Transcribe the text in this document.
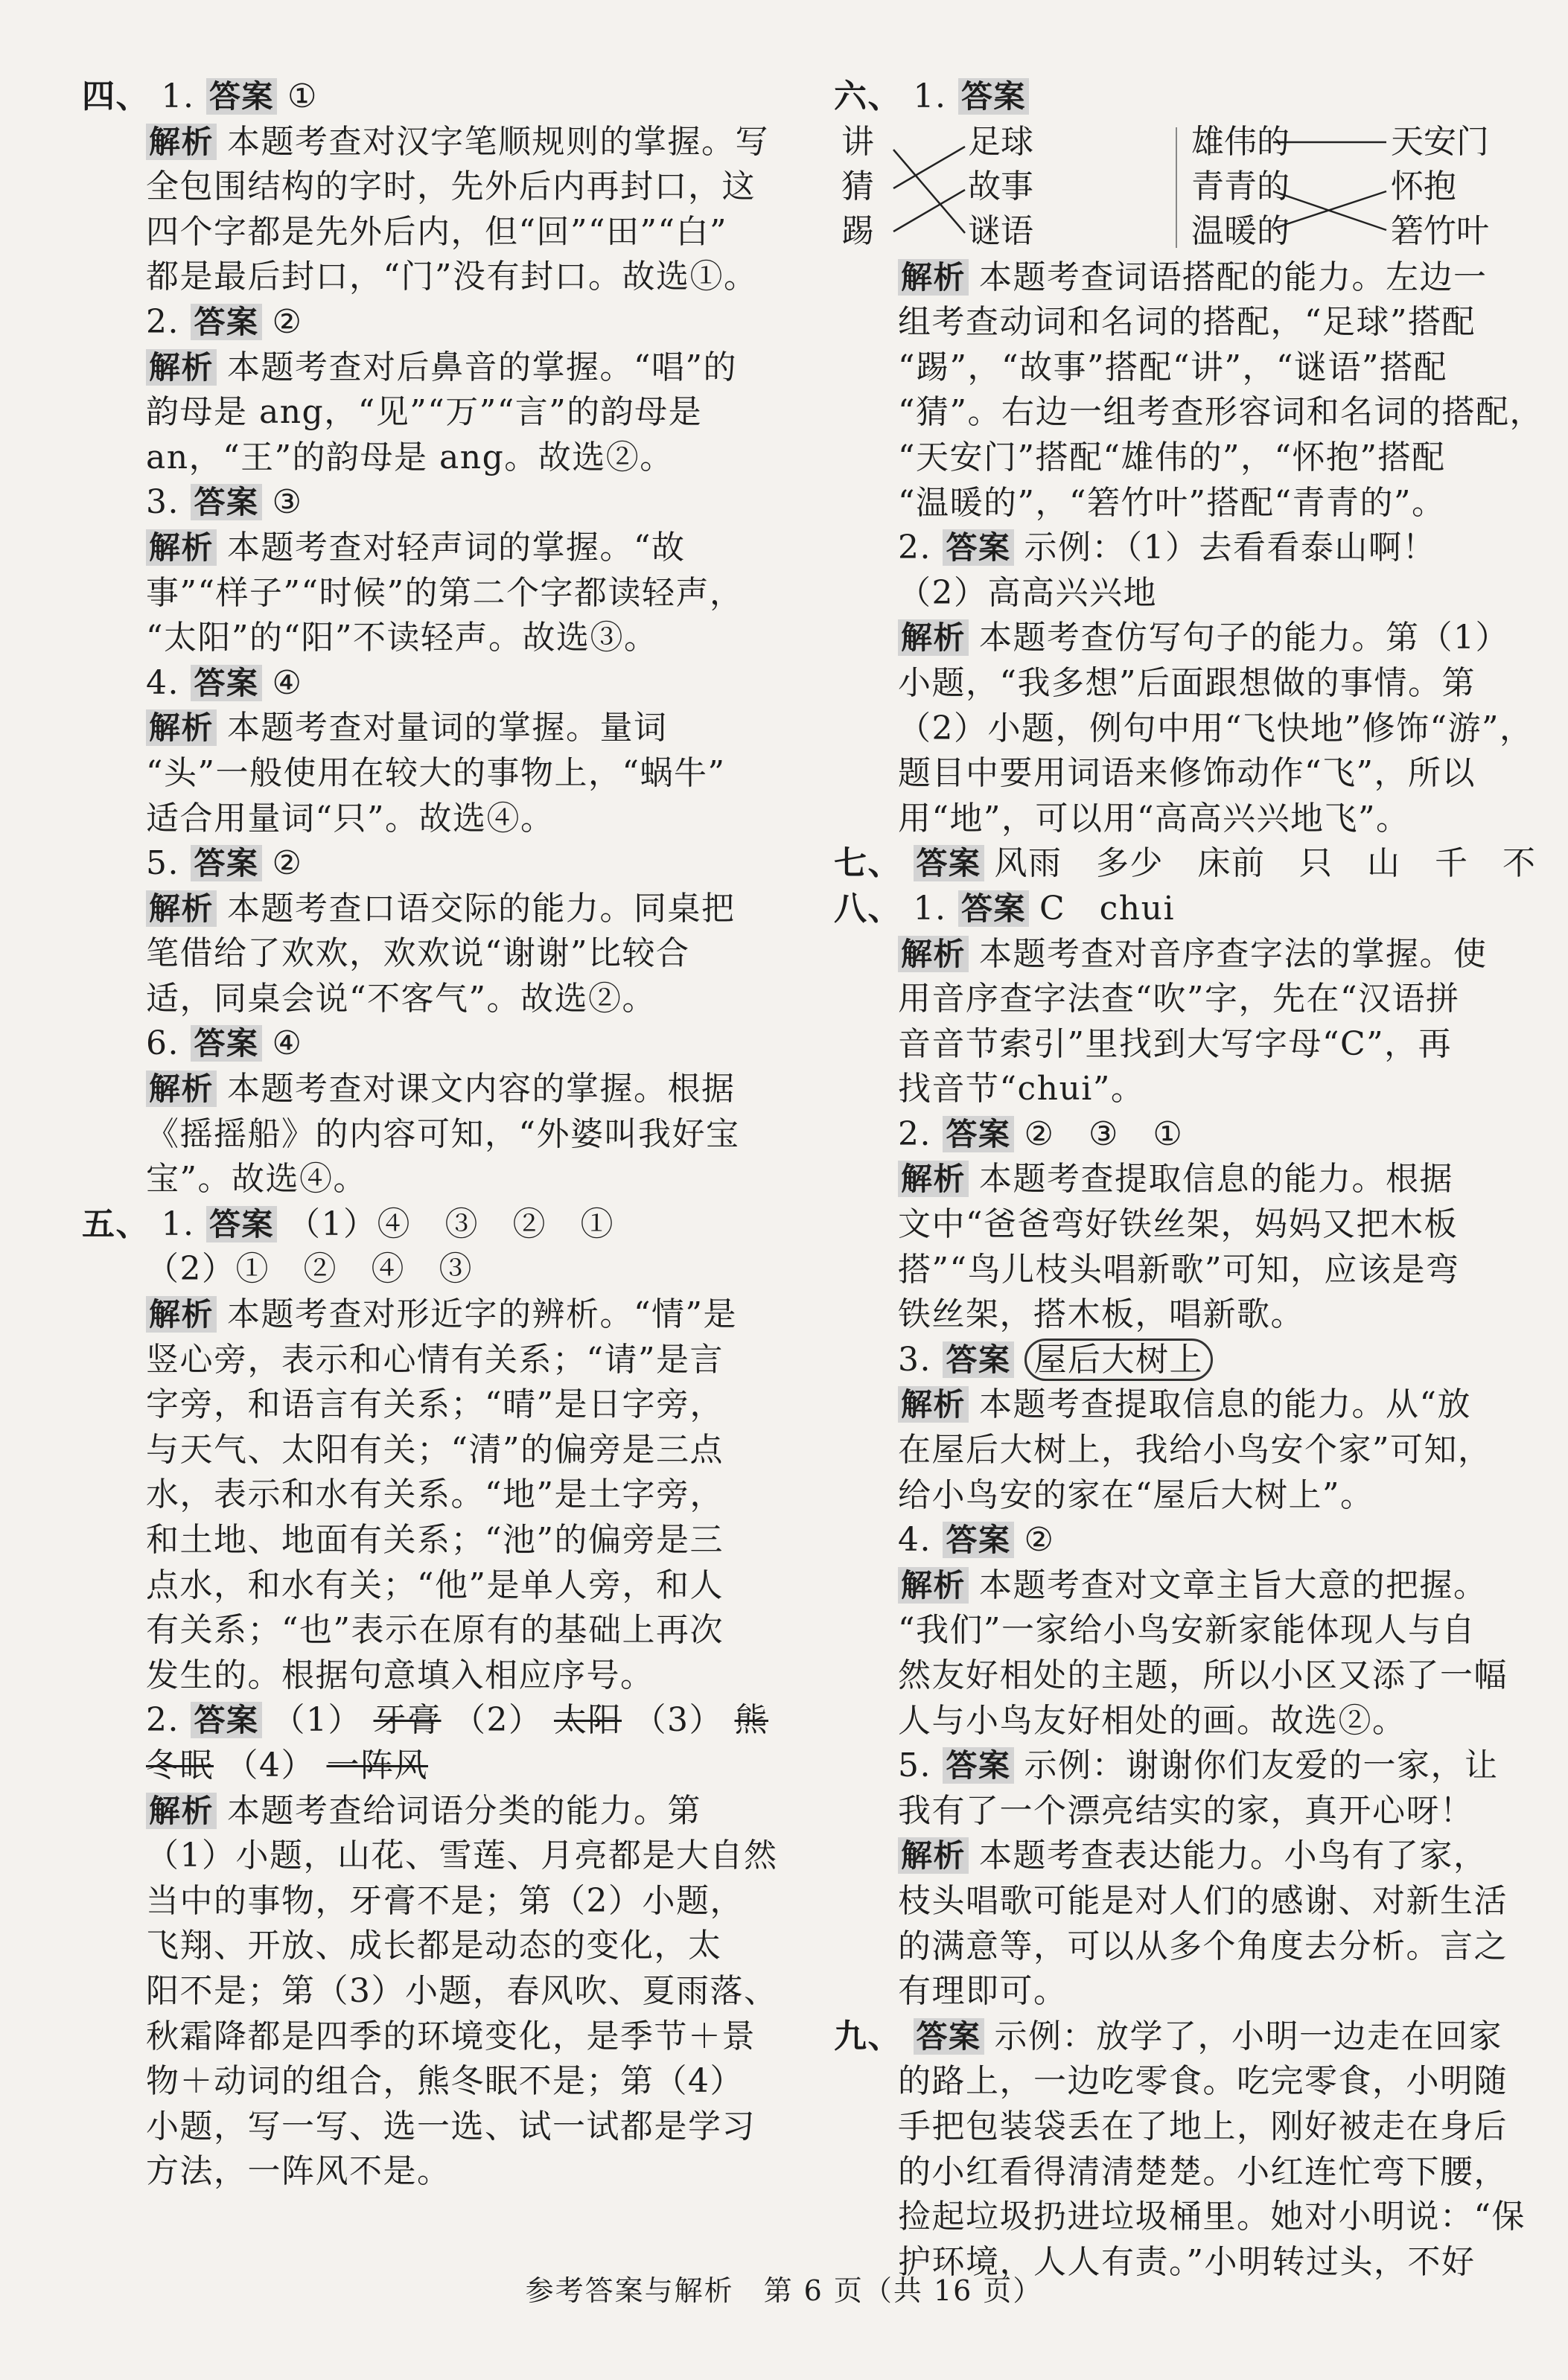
四、 1. 答案 ①
解析 本题考查对汉字笔顺规则的掌握。写
全包围结构的字时，先外后内再封口，这
四个字都是先外后内，但“回”“田”“白”
都是最后封口，“门”没有封口。故选①。
2. 答案 ②
解析 本题考查对后鼻音的掌握。“唱”的
韵母是 ang，“见”“万”“言”的韵母是
an，“王”的韵母是 ang。故选②。
3. 答案 ③
解析 本题考查对轻声词的掌握。“故
事”“样子”“时候”的第二个字都读轻声，
“太阳”的“阳”不读轻声。故选③。
4. 答案 ④
解析 本题考查对量词的掌握。量词
“头”一般使用在较大的事物上，“蜗牛”
适合用量词“只”。故选④。
5. 答案 ②
解析 本题考查口语交际的能力。同桌把
笔借给了欢欢，欢欢说“谢谢”比较合
适，同桌会说“不客气”。故选②。
6. 答案 ④
解析 本题考查对课文内容的掌握。根据
《摇摇船》的内容可知，“外婆叫我好宝
宝”。故选④。
五、 1. 答案 （1）④　③　②　①
（2）①　②　④　③
解析 本题考查对形近字的辨析。“情”是
竖心旁，表示和心情有关系；“请”是言
字旁，和语言有关系；“晴”是日字旁，
与天气、太阳有关；“清”的偏旁是三点
水，表示和水有关系。“地”是土字旁，
和土地、地面有关系；“池”的偏旁是三
点水，和水有关；“他”是单人旁，和人
有关系；“也”表示在原有的基础上再次
发生的。根据句意填入相应序号。
2. 答案 （1） 牙膏 （2） 太阳 （3） 熊
冬眠 （4） 一阵风
解析 本题考查给词语分类的能力。第
（1）小题，山花、雪莲、月亮都是大自然
当中的事物，牙膏不是；第（2）小题，
飞翔、开放、成长都是动态的变化，太
阳不是；第（3）小题，春风吹、夏雨落、
秋霜降都是四季的环境变化，是季节＋景
物＋动词的组合，熊冬眠不是；第（4）
小题，写一写、选一选、试一试都是学习
方法，一阵风不是。
六、 1. 答案
讲
猜
踢
足球
故事
谜语
雄伟的
青青的
温暖的
天安门
怀抱
箬竹叶
解析 本题考查词语搭配的能力。左边一
组考查动词和名词的搭配，“足球”搭配
“踢”，“故事”搭配“讲”，“谜语”搭配
“猜”。右边一组考查形容词和名词的搭配，
“天安门”搭配“雄伟的”，“怀抱”搭配
“温暖的”，“箬竹叶”搭配“青青的”。
2. 答案 示例：（1）去看看泰山啊！
（2）高高兴兴地
解析 本题考查仿写句子的能力。第（1）
小题，“我多想”后面跟想做的事情。第
（2）小题，例句中用“飞快地”修饰“游”，
题目中要用词语来修饰动作“飞”，所以
用“地”，可以用“高高兴兴地飞”。
七、 答案 风雨　多少　床前　只　山　千　不
八、 1. 答案 C　chui
解析 本题考查对音序查字法的掌握。使
用音序查字法查“吹”字，先在“汉语拼
音音节索引”里找到大写字母“C”，再
找音节“chui”。
2. 答案 ②　③　①
解析 本题考查提取信息的能力。根据
文中“爸爸弯好铁丝架，妈妈又把木板
搭”“鸟儿枝头唱新歌”可知，应该是弯
铁丝架，搭木板，唱新歌。
3. 答案 屋后大树上
解析 本题考查提取信息的能力。从“放
在屋后大树上，我给小鸟安个家”可知，
给小鸟安的家在“屋后大树上”。
4. 答案 ②
解析 本题考查对文章主旨大意的把握。
“我们”一家给小鸟安新家能体现人与自
然友好相处的主题，所以小区又添了一幅
人与小鸟友好相处的画。故选②。
5. 答案 示例：谢谢你们友爱的一家，让
我有了一个漂亮结实的家，真开心呀！
解析 本题考查表达能力。小鸟有了家，
枝头唱歌可能是对人们的感谢、对新生活
的满意等，可以从多个角度去分析。言之
有理即可。
九、 答案 示例：放学了，小明一边走在回家
的路上，一边吃零食。吃完零食，小明随
手把包装袋丢在了地上，刚好被走在身后
的小红看得清清楚楚。小红连忙弯下腰，
捡起垃圾扔进垃圾桶里。她对小明说：“保
护环境，人人有责。”小明转过头，不好
参考答案与解析　第 6 页（共 16 页）
